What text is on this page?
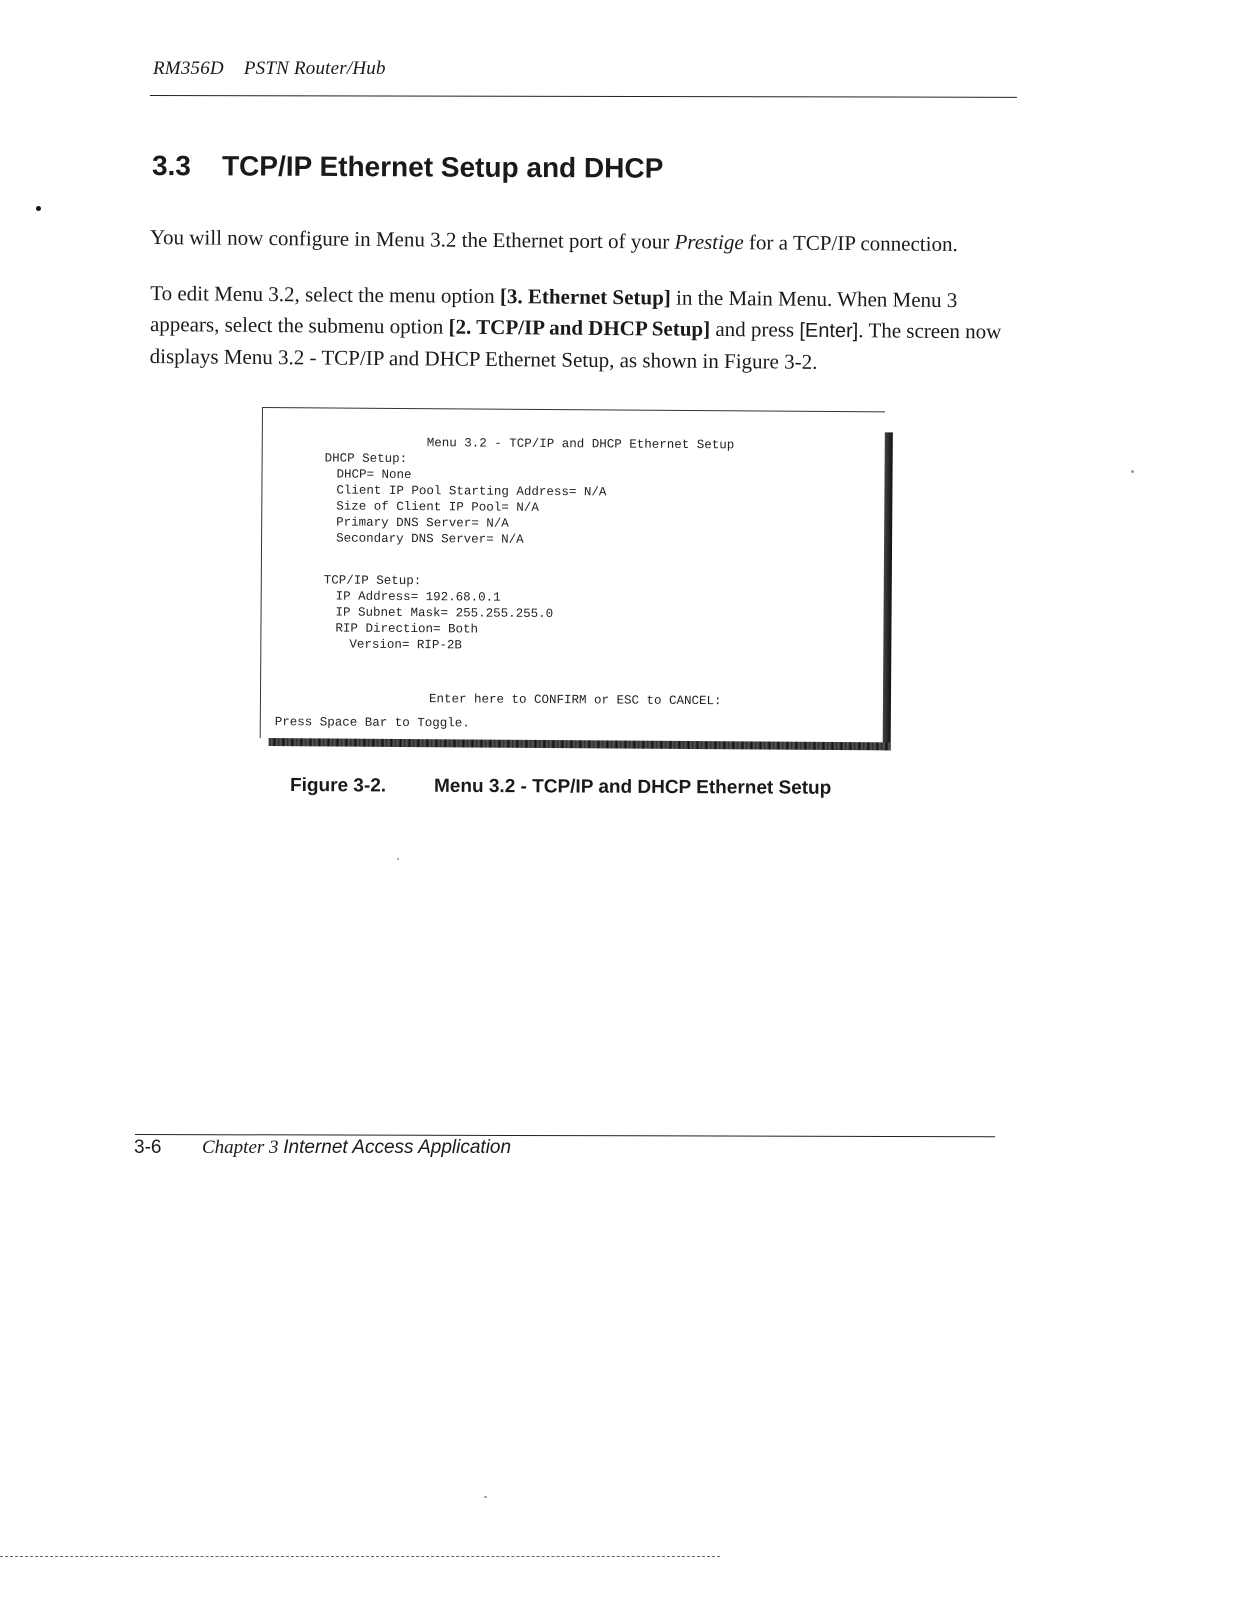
RM356D PSTN Router/Hub
3.3 TCP/IP Ethernet Setup and DHCP

You will now configure in Menu 3.2 the Ethernet port of your Prestige for a TCP/IP connection.

To edit Menu 3.2, select the menu option [3. Ethernet Setup] in the Main Menu. When Menu 3 appears, select the submenu option [2. TCP/IP and DHCP Setup] and press [Enter]. The screen now displays Menu 3.2 - TCP/IP and DHCP Ethernet Setup, as shown in Figure 3-2.

Menu 3.2 - TCP/IP and DHCP Ethernet Setup
DHCP Setup:
DHCP= None
Client IP Pool Starting Address= N/A
Size of Client IP Pool= N/A
Primary DNS Server= N/A
Secondary DNS Server= N/A
TCP/IP Setup:
IP Address= 192.68.0.1
IP Subnet Mask= 255.255.255.0
RIP Direction= Both
Version= RIP-2B
Enter here to CONFIRM or ESC to CANCEL:
Press Space Bar to Toggle.
Figure 3-2.	Menu 3.2 - TCP/IP and DHCP Ethernet Setup
3-6 Chapter 3 Internet Access Application
